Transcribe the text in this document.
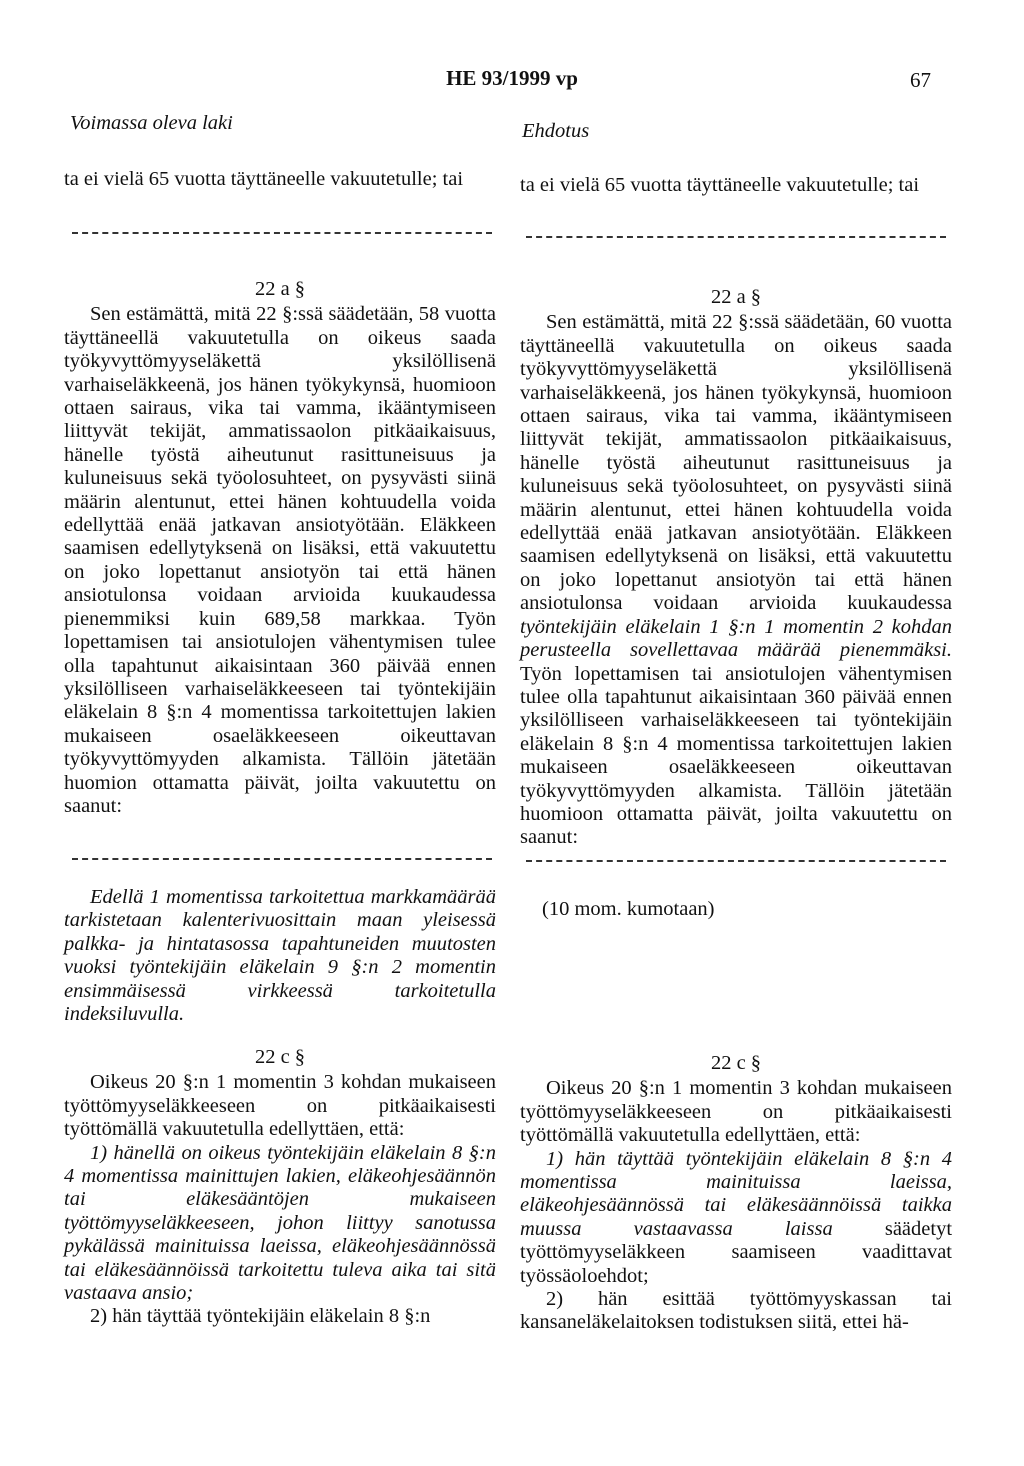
HE 93/1999 vp	67
Voimassa oleva laki	Ehdotus
ta ei vielä 65 vuotta täyttäneelle vakuutetulle; tai
22 a §

Sen estämättä, mitä 22 §:ssä säädetään, 58 vuotta täyttäneellä vakuutetulla on oikeus saada työkyvyttömyyseläkettä yksilöllisenä varhaiseläkkeenä, jos hänen työkykynsä, huomioon ottaen sairaus, vika tai vamma, ikääntymiseen liittyvät tekijät, ammatissaolon pitkäaikaisuus, hänelle työstä aiheutunut rasittuneisuus ja kuluneisuus sekä työolosuhteet, on pysyvästi siinä määrin alentunut, ettei hänen kohtuudella voida edellyttää enää jatkavan ansiotyötään. Eläkkeen saamisen edellytyksenä on lisäksi, että vakuutettu on joko lopettanut ansiotyön tai että hänen ansiotulonsa voidaan arvioida kuukaudessa pienemmiksi kuin 689,58 markkaa. Työn lopettamisen tai ansiotulojen vähentymisen tulee olla tapahtunut aikaisintaan 360 päivää ennen yksilölliseen varhaiseläkkeeseen tai työntekijäin eläkelain 8 §:n 4 momentissa tarkoitettujen lakien mukaiseen osaeläkkeeseen oikeuttavan työkyvyttömyyden alkamista. Tällöin jätetään huomion ottamatta päivät, joilta vakuutettu on saanut:

Edellä 1 momentissa tarkoitettua markkamäärää tarkistetaan kalenterivuosittain maan yleisessä palkka- ja hintatasossa tapahtuneiden muutosten vuoksi työntekijäin eläkelain 9 §:n 2 momentin ensimmäisessä virkkeessä tarkoitetulla indeksiluvulla.

22 c §

Oikeus 20 §:n 1 momentin 3 kohdan mukaiseen työttömyyseläkkeeseen on pitkäaikaisesti työttömällä vakuutetulla edellyttäen, että:

1) hänellä on oikeus työntekijäin eläkelain 8 §:n 4 momentissa mainittujen lakien, eläkeohjesäännön tai eläkesääntöjen mukaiseen työttömyyseläkkeeseen, johon liittyy sanotussa pykälässä mainituissa laeissa, eläkeohjesäännössä tai eläkesäännöissä tarkoitettu tuleva aika tai sitä vastaava ansio;

2) hän täyttää työntekijäin eläkelain 8 §:n

ta ei vielä 65 vuotta täyttäneelle vakuutetulle; tai
22 a §

Sen estämättä, mitä 22 §:ssä säädetään, 60 vuotta täyttäneellä vakuutetulla on oikeus saada työkyvyttömyyseläkettä yksilöllisenä varhaiseläkkeenä, jos hänen työkykynsä, huomioon ottaen sairaus, vika tai vamma, ikääntymiseen liittyvät tekijät, ammatissaolon pitkäaikaisuus, hänelle työstä aiheutunut rasittuneisuus ja kuluneisuus sekä työolosuhteet, on pysyvästi siinä määrin alentunut, ettei hänen kohtuudella voida edellyttää enää jatkavan ansiotyötään. Eläkkeen saamisen edellytyksenä on lisäksi, että vakuutettu on joko lopettanut ansiotyön tai että hänen ansiotulonsa voidaan arvioida kuukaudessa työntekijäin eläkelain 1 §:n 1 momentin 2 kohdan perusteella sovellettavaa määrää pienemmäksi. Työn lopettamisen tai ansiotulojen vähentymisen tulee olla tapahtunut aikaisintaan 360 päivää ennen yksilölliseen varhaiseläkkeeseen tai työntekijäin eläkelain 8 §:n 4 momentissa tarkoitettujen lakien mukaiseen osaeläkkeeseen oikeuttavan työkyvyttömyyden alkamista. Tällöin jätetään huomioon ottamatta päivät, joilta vakuutettu on saanut:

(10 mom. kumotaan)
22 c §

Oikeus 20 §:n 1 momentin 3 kohdan mukaiseen työttömyyseläkkeeseen on pitkäaikaisesti työttömällä vakuutetulla edellyttäen, että:

1) hän täyttää työntekijäin eläkelain 8 §:n 4 momentissa mainituissa laeissa, eläkeohjesäännössä tai eläkesäännöissä taikka muussa vastaavassa laissa	säädetyt työttömyyseläkkeen saamiseen vaadittavat työssäoloehdot;

2) hän esittää työttömyyskassan tai kansaneläkelaitoksen todistuksen siitä, ettei hä-
